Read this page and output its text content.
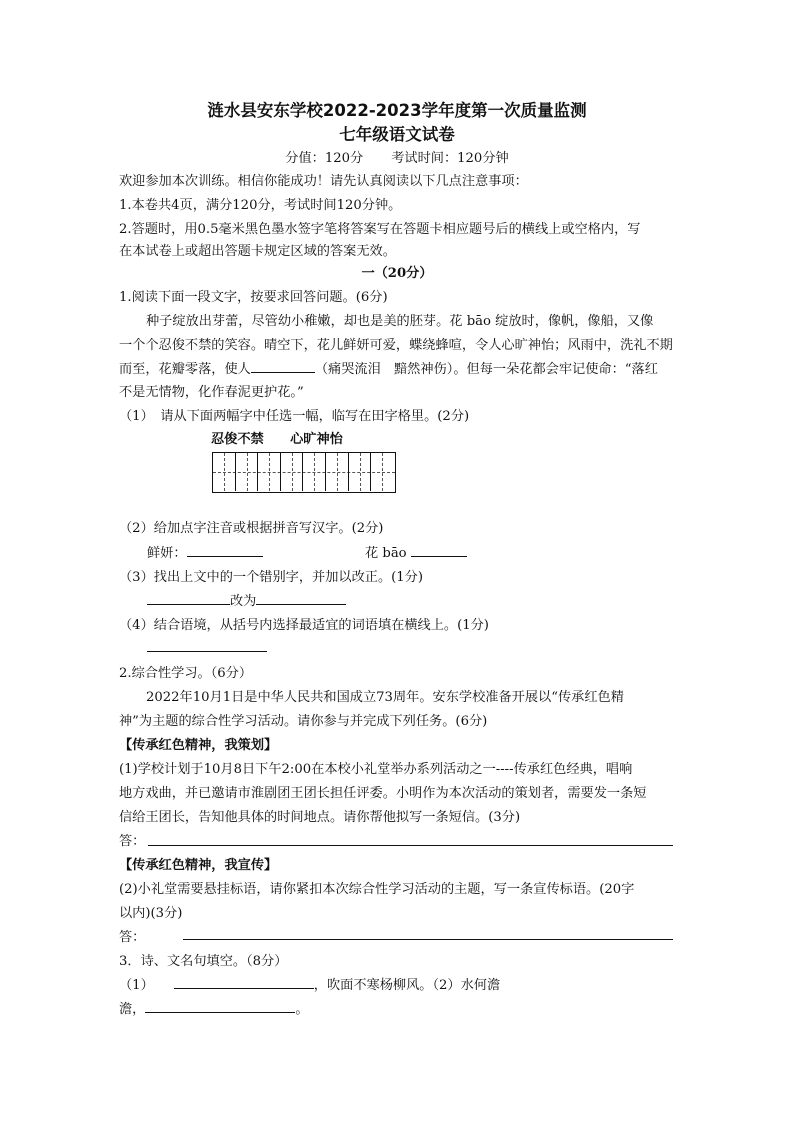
涟水县安东学校2022-2023学年度第一次质量监测
七年级语文试卷
分值：120分 考试时间：120分钟
欢迎参加本次训练。相信你能成功！请先认真阅读以下几点注意事项：
1.本卷共4页，满分120分，考试时间120分钟。
2.答题时，用0.5毫米黑色墨水签字笔将答案写在答题卡相应题号后的横线上或空格内，写
在本试卷上或超出答题卡规定区域的答案无效。
一（20分）
1.阅读下面一段文字，按要求回答问题。(6分)
种子绽放出芽蕾，尽管幼小稚嫩，却也是美的胚芽。花 bāo 绽放时，像帆，像船，又像
一个个忍俊不禁的笑容。晴空下，花儿鲜妍可爱，蝶绕蜂喧，令人心旷神怡；风雨中，洗礼不期
而至，花瓣零落，使人	（痛哭流泪　黯然神伤）。但每一朵花都会牢记使命：“落红
不是无情物，化作春泥更护花。”
（1）　请从下面两幅字中任选一幅，临写在田字格里。(2分)
忍俊不禁　　心旷神怡
（2）给加点字注音或根据拼音写汉字。(2分)
鲜妍：	花 bāo
（3）找出上文中的一个错别字，并加以改正。(1分)
改为
（4）结合语境，从括号内选择最适宜的词语填在横线上。(1分)
2.综合性学习。（6分）
2022年10月1日是中华人民共和国成立73周年。安东学校准备开展以“传承红色精
神”为主题的综合性学习活动。请你参与并完成下列任务。(6分)
【传承红色精神，我策划】
(1)学校计划于10月8日下午2:00在本校小礼堂举办系列活动之一----传承红色经典，唱响
地方戏曲，并已邀请市淮剧团王团长担任评委。小明作为本次活动的策划者，需要发一条短
信给王团长，告知他具体的时间地点。请你帮他拟写一条短信。(3分)
答：
【传承红色精神，我宣传】
(2)小礼堂需要悬挂标语，请你紧扣本次综合性学习活动的主题，写一条宣传标语。(20字
以内)(3分)
答：
3．诗、文名句填空。（8分）
（1）	，吹面不寒杨柳风。（2）水何澹
澹，	。
